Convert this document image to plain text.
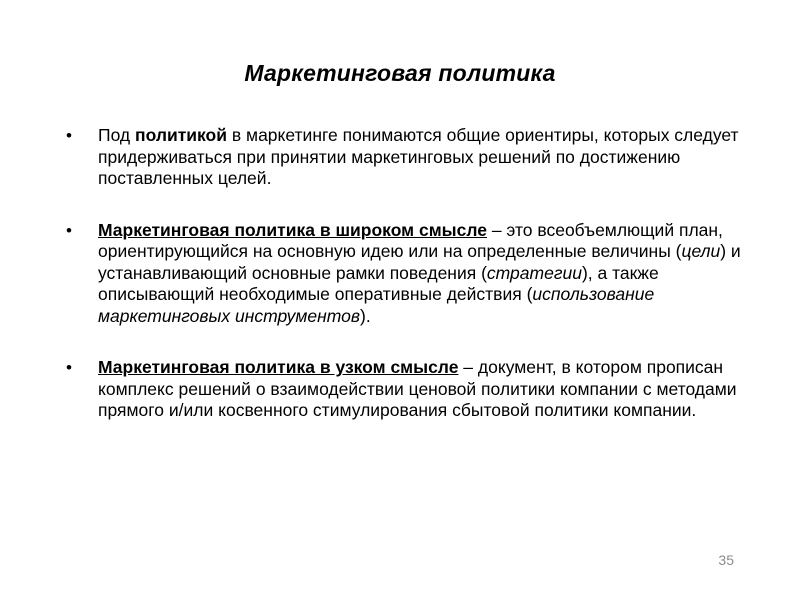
Маркетинговая политика
• Под политикой в маркетинге понимаются общие ориентиры, которых следует придерживаться при принятии маркетинговых решений по достижению поставленных целей.
• Маркетинговая политика в широком смысле – это всеобъемлющий план, ориентирующийся на основную идею или на определенные величины (цели) и устанавливающий основные рамки поведения (стратегии), а также описывающий необходимые оперативные действия (использование маркетинговых инструментов).
• Маркетинговая политика в узком смысле – документ, в котором прописан комплекс решений о взаимодействии ценовой политики компании с методами прямого и/или косвенного стимулирования сбытовой политики компании.
35
